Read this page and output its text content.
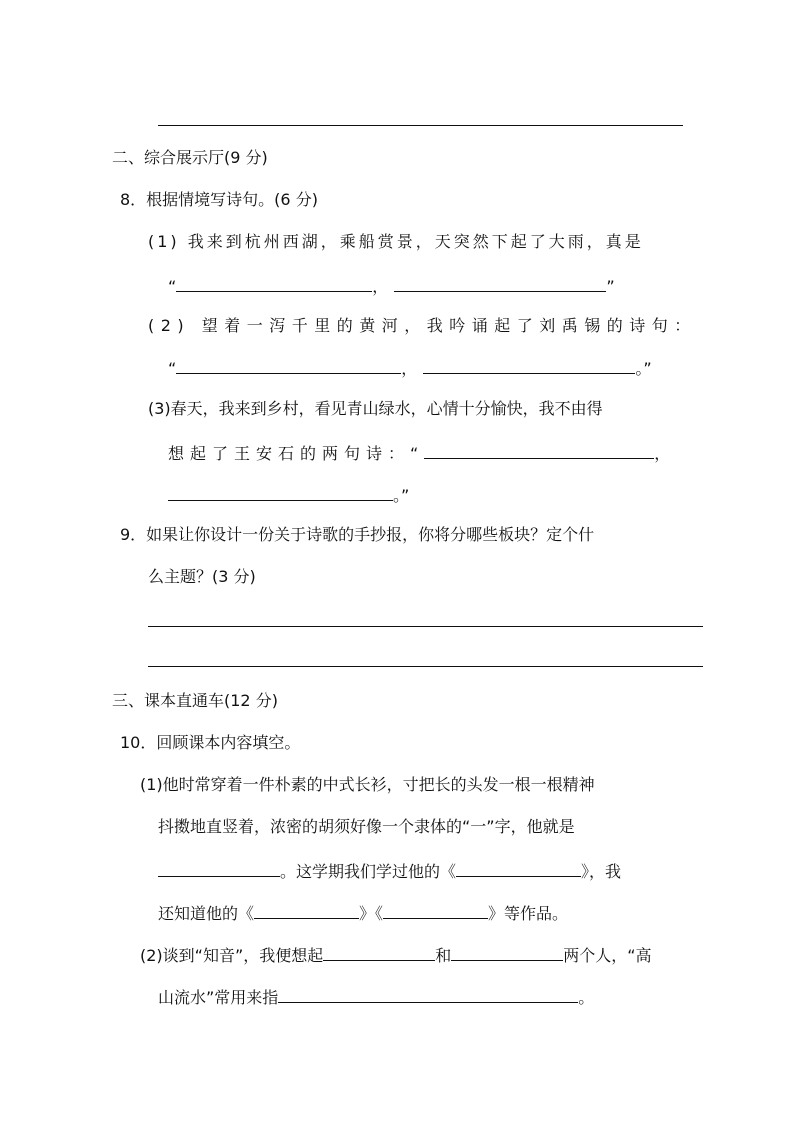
二、综合展示厅(9 分)
8．根据情境写诗句。(6 分)
(1) 我来到杭州西湖，乘船赏景，天突然下起了大雨，真是
“	，	”
(2) 望着一泻千里的黄河，我吟诵起了刘禹锡的诗句：
“	，	。”
(3)春天，我来到乡村，看见青山绿水，心情十分愉快，我不由得
想起了王安石的两句诗：“	，
。”
9．如果让你设计一份关于诗歌的手抄报，你将分哪些板块？定个什
么主题？(3 分)
三、课本直通车(12 分)
10．回顾课本内容填空。
(1)他时常穿着一件朴素的中式长衫，寸把长的头发一根一根精神
抖擞地直竖着，浓密的胡须好像一个隶体的“一”字，他就是
。这学期我们学过他的《	》，我
还知道他的《	》《	》等作品。
(2)谈到“知音”，我便想起	和	两个人，“高
山流水”常用来指	。
